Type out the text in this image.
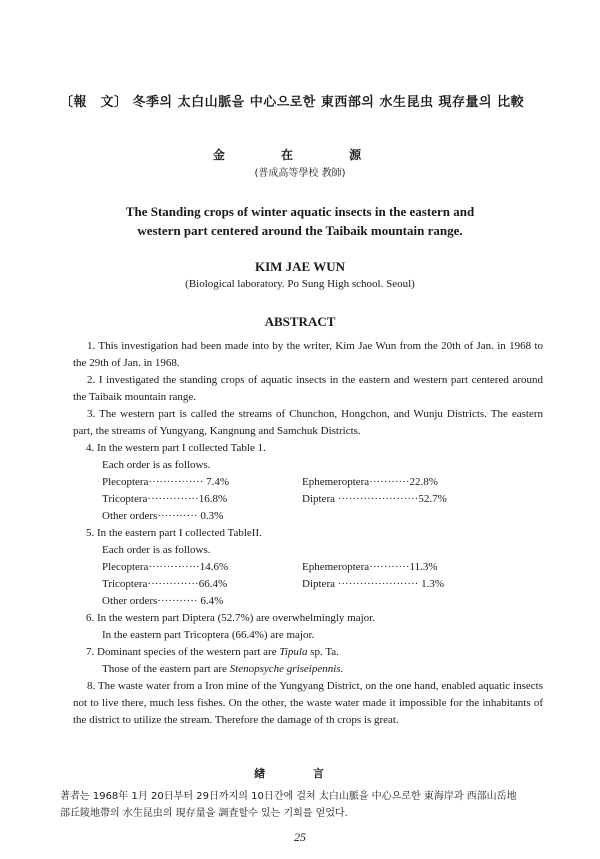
〔報　文〕 冬季의 太白山脈을 中心으로한 東西部의 水生昆虫 現存量의 比較
金 在 源
(普成高等學校 教師)
The Standing crops of winter aquatic insects in the eastern and
western part centered around the Taibaik mountain range.
KIM JAE WUN
(Biological laboratory. Po Sung High school. Seoul)
ABSTRACT
1. This investigation had been made into by the writer, Kim Jae Wun from the 20th of Jan. in 1968 to the 29th of Jan. in 1968.
2. I investigated the standing crops of aquatic insects in the eastern and western part centered around the Taibaik mountain range.
3. The western part is called the streams of Chunchon, Hongchon, and Wunju Districts. The eastern part, the streams of Yungyang, Kangnung and Samchuk Districts.
4. In the western part I collected Table 1.
Each order is as follows.
Plecoptera··············· 7.4%	Ephemeroptera···········22.8%
Tricoptera··············16.8%	Diptera ······················52.7%
Other orders··········· 0.3%
5. In the eastern part I collected TableII.
Each order is as follows.
Plecoptera··············14.6%	Ephemeroptera···········11.3%
Tricoptera··············66.4%	Diptera ······················ 1.3%
Other orders··········· 6.4%
6. In the western part Diptera (52.7%) are overwhelmingly major.
In the eastern part Tricoptera (66.4%) are major.
7. Dominant species of the western part are Tipula sp. Ta.
Those of the eastern part are Stenopsyche griseipennis.
8. The waste water from a Iron mine of the Yungyang District, on the one hand, enabled aquatic insects not to live there, much less fishes. On the other, the waste water made it impossible for the inhabitants of the district to utilize the stream. Therefore the damage of th crops is great.
緖 言
著者는 1968年 1月 20日부터 29日까지의 10日간에 걸쳐 太白山脈을 中心으로한 東海岸과 西部山岳地
部丘陵地帶의 水生昆虫의 現存量을 調査할수 있는 기회를 얻었다.
25
